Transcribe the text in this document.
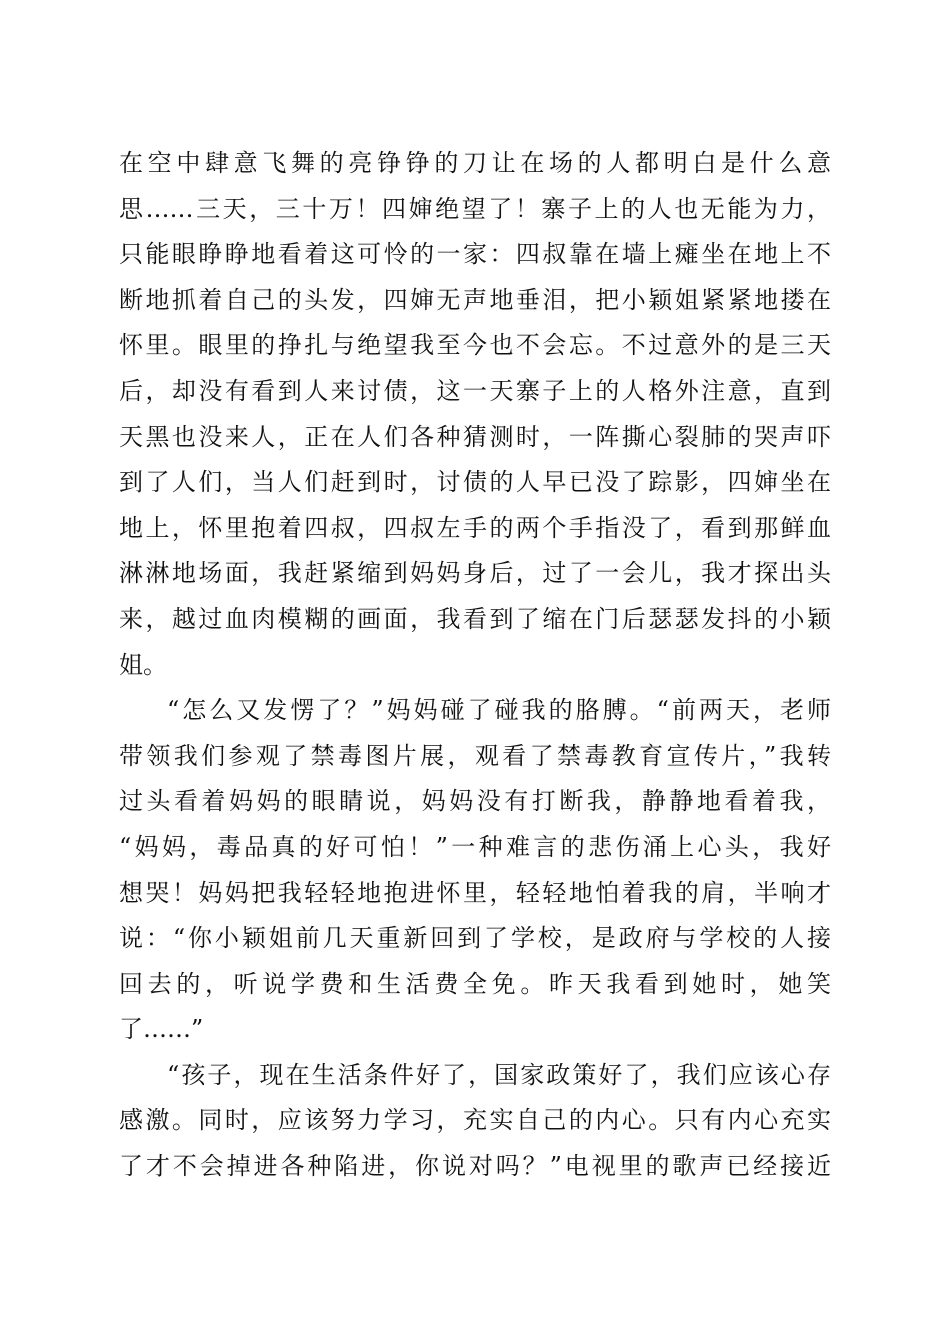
在空中肆意飞舞的亮铮铮的刀让在场的人都明白是什么意
思……三天，三十万！四婶绝望了！寨子上的人也无能为力，
只能眼睁睁地看着这可怜的一家：四叔靠在墙上瘫坐在地上不
断地抓着自己的头发，四婶无声地垂泪，把小颖姐紧紧地搂在
怀里。眼里的挣扎与绝望我至今也不会忘。不过意外的是三天
后，却没有看到人来讨债，这一天寨子上的人格外注意，直到
天黑也没来人，正在人们各种猜测时，一阵撕心裂肺的哭声吓
到了人们，当人们赶到时，讨债的人早已没了踪影，四婶坐在
地上，怀里抱着四叔，四叔左手的两个手指没了，看到那鲜血
淋淋地场面，我赶紧缩到妈妈身后，过了一会儿，我才探出头
来，越过血肉模糊的画面，我看到了缩在门后瑟瑟发抖的小颖
姐。
“怎么又发愣了？”妈妈碰了碰我的胳膊。“前两天，老师
带领我们参观了禁毒图片展，观看了禁毒教育宣传片，”我转
过头看着妈妈的眼睛说，妈妈没有打断我，静静地看着我，
“妈妈，毒品真的好可怕！”一种难言的悲伤涌上心头，我好
想哭！妈妈把我轻轻地抱进怀里，轻轻地怕着我的肩，半响才
说：“你小颖姐前几天重新回到了学校，是政府与学校的人接
回去的，听说学费和生活费全免。昨天我看到她时，她笑
了……”
“孩子，现在生活条件好了，国家政策好了，我们应该心存
感激。同时，应该努力学习，充实自己的内心。只有内心充实
了才不会掉进各种陷进，你说对吗？”电视里的歌声已经接近
